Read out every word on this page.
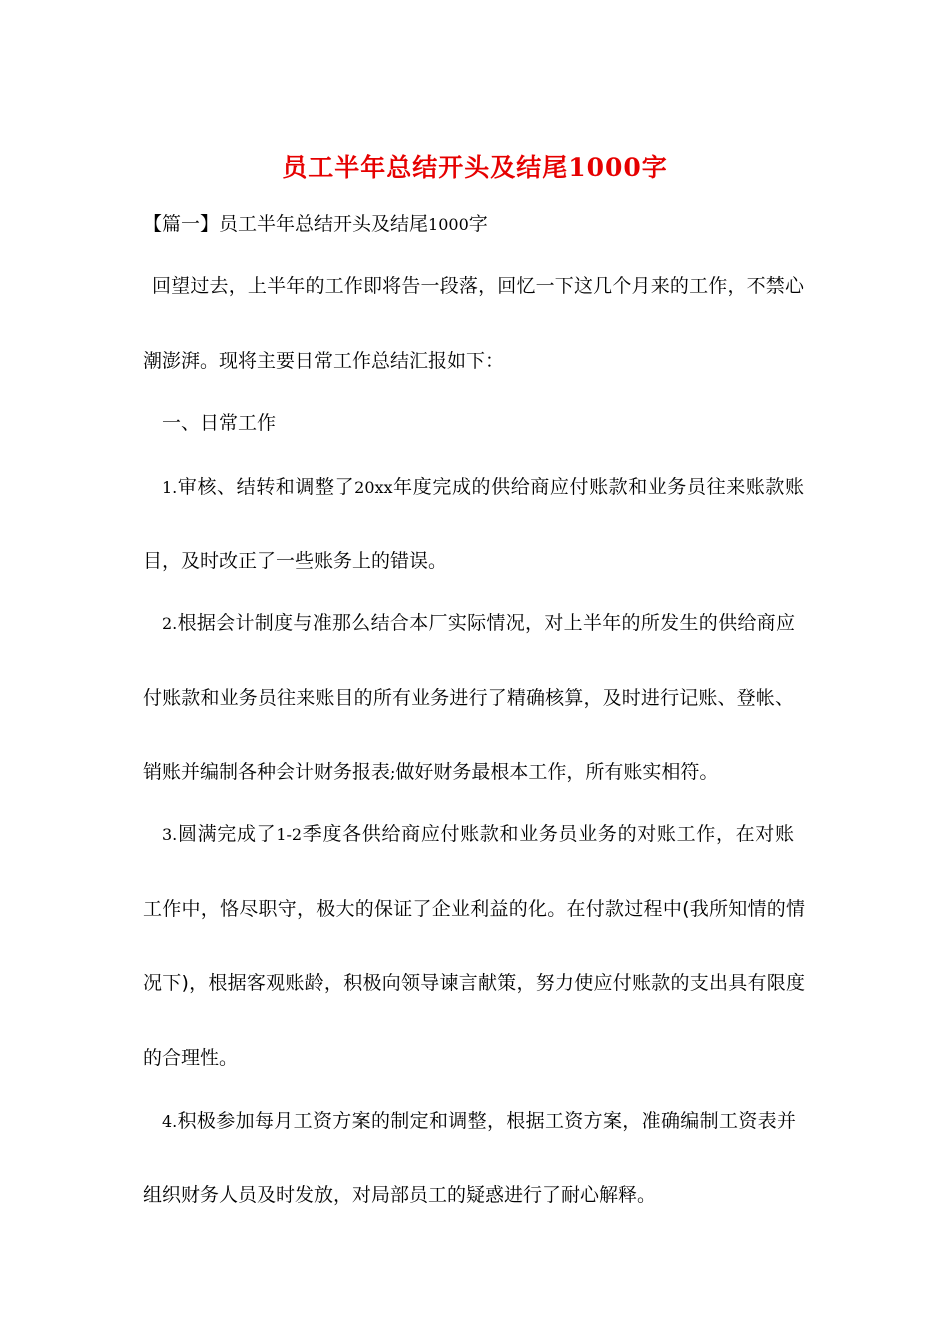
员工半年总结开头及结尾1000字
【篇一】员工半年总结开头及结尾1000字
回望过去，上半年的工作即将告一段落，回忆一下这几个月来的工作，不禁心
潮澎湃。现将主要日常工作总结汇报如下：
一、日常工作
1.审核、结转和调整了20xx年度完成的供给商应付账款和业务员往来账款账
目，及时改正了一些账务上的错误。
2.根据会计制度与准那么结合本厂实际情况，对上半年的所发生的供给商应
付账款和业务员往来账目的所有业务进行了精确核算，及时进行记账、登帐、
销账并编制各种会计财务报表;做好财务最根本工作，所有账实相符。
3.圆满完成了1-2季度各供给商应付账款和业务员业务的对账工作，在对账
工作中，恪尽职守，极大的保证了企业利益的化。在付款过程中(我所知情的情
况下)，根据客观账龄，积极向领导谏言献策，努力使应付账款的支出具有限度
的合理性。
4.积极参加每月工资方案的制定和调整，根据工资方案，准确编制工资表并
组织财务人员及时发放，对局部员工的疑惑进行了耐心解释。
